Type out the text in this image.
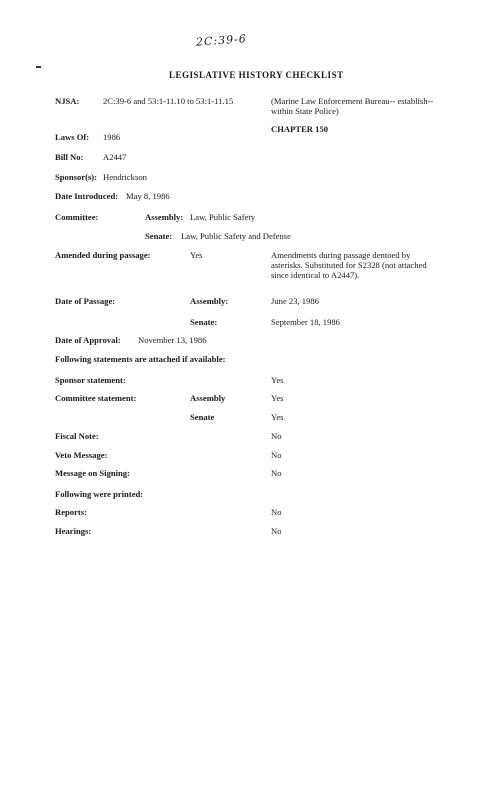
2C:39-6
LEGISLATIVE HISTORY CHECKLIST
NJSA:	2C:39-6 and 53:1-11.10 to 53:1-11.15	(Marine Law Enforcement Bureau-- establish-- within State Police)
CHAPTER 150
Laws Of: 1986
Bill No: A2447
Sponsor(s): Hendrickson
Date Introduced: May 8, 1986
Committee:	Assembly: Law, Public Safety
Senate: Law, Public Safety and Defense
Amended during passage:	Yes	Amendments during passage dentoed by asterisks. Substituted for S2328 (not attached since identical to A2447).
Date of Passage:	Assembly:	June 23, 1986
Senate:	September 18, 1986
Date of Approval: November 13, 1986
Following statements are attached if available:
Sponsor statement:	Yes
Committee statement:	Assembly	Yes
Senate	Yes
Fiscal Note:	No
Veto Message:	No
Message on Signing:	No
Following were printed:
Reports:	No
Hearings:	No
